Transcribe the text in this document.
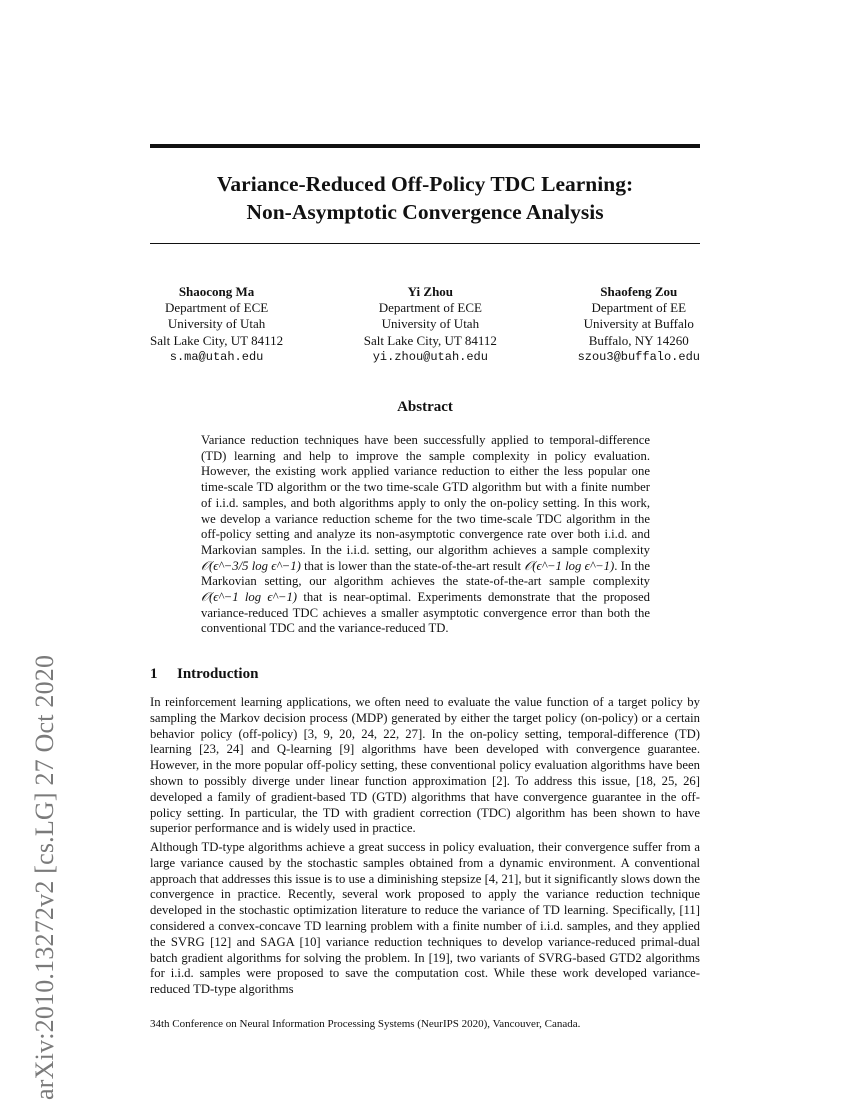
arXiv:2010.13272v2 [cs.LG] 27 Oct 2020
Variance-Reduced Off-Policy TDC Learning:
Non-Asymptotic Convergence Analysis
Shaocong Ma
Department of ECE
University of Utah
Salt Lake City, UT 84112
s.ma@utah.edu
Yi Zhou
Department of ECE
University of Utah
Salt Lake City, UT 84112
yi.zhou@utah.edu
Shaofeng Zou
Department of EE
University at Buffalo
Buffalo, NY 14260
szou3@buffalo.edu
Abstract

Variance reduction techniques have been successfully applied to temporal-difference (TD) learning and help to improve the sample complexity in policy evaluation. However, the existing work applied variance reduction to either the less popular one time-scale TD algorithm or the two time-scale GTD algorithm but with a finite number of i.i.d. samples, and both algorithms apply to only the on-policy setting. In this work, we develop a variance reduction scheme for the two time-scale TDC algorithm in the off-policy setting and analyze its non-asymptotic convergence rate over both i.i.d. and Markovian samples. In the i.i.d. setting, our algorithm achieves a sample complexity 𝒪(ϵ^−3/5 log ϵ^−1) that is lower than the state-of-the-art result 𝒪(ϵ^−1 log ϵ^−1). In the Markovian setting, our algorithm achieves the state-of-the-art sample complexity 𝒪(ϵ^−1 log ϵ^−1) that is near-optimal. Experiments demonstrate that the proposed variance-reduced TDC achieves a smaller asymptotic convergence error than both the conventional TDC and the variance-reduced TD.

1 Introduction

In reinforcement learning applications, we often need to evaluate the value function of a target policy by sampling the Markov decision process (MDP) generated by either the target policy (on-policy) or a certain behavior policy (off-policy) [3, 9, 20, 24, 22, 27]. In the on-policy setting, temporal-difference (TD) learning [23, 24] and Q-learning [9] algorithms have been developed with convergence guarantee. However, in the more popular off-policy setting, these conventional policy evaluation algorithms have been shown to possibly diverge under linear function approximation [2]. To address this issue, [18, 25, 26] developed a family of gradient-based TD (GTD) algorithms that have convergence guarantee in the off-policy setting. In particular, the TD with gradient correction (TDC) algorithm has been shown to have superior performance and is widely used in practice.

Although TD-type algorithms achieve a great success in policy evaluation, their convergence suffer from a large variance caused by the stochastic samples obtained from a dynamic environment. A conventional approach that addresses this issue is to use a diminishing stepsize [4, 21], but it significantly slows down the convergence in practice. Recently, several work proposed to apply the variance reduction technique developed in the stochastic optimization literature to reduce the variance of TD learning. Specifically, [11] considered a convex-concave TD learning problem with a finite number of i.i.d. samples, and they applied the SVRG [12] and SAGA [10] variance reduction techniques to develop variance-reduced primal-dual batch gradient algorithms for solving the problem. In [19], two variants of SVRG-based GTD2 algorithms for i.i.d. samples were proposed to save the computation cost. While these work developed variance-reduced TD-type algorithms

34th Conference on Neural Information Processing Systems (NeurIPS 2020), Vancouver, Canada.
